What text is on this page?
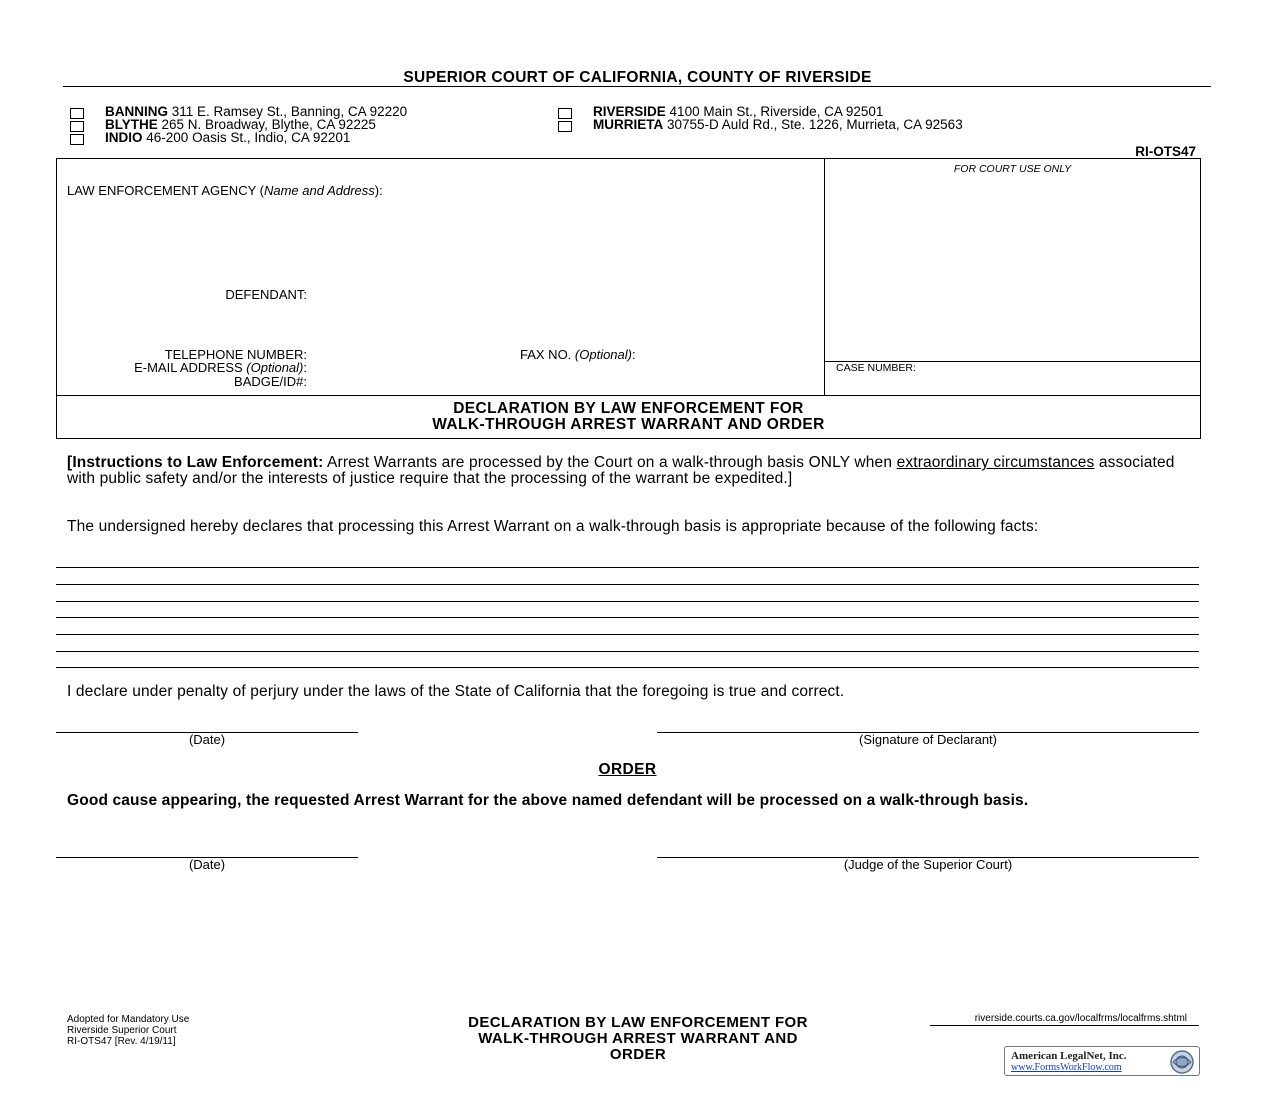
SUPERIOR COURT OF CALIFORNIA, COUNTY OF RIVERSIDE
BANNING 311 E. Ramsey St., Banning, CA 92220
BLYTHE 265 N. Broadway, Blythe, CA 92225
INDIO 46-200 Oasis St., Indio, CA 92201
RIVERSIDE 4100 Main St., Riverside, CA 92501
MURRIETA 30755-D Auld Rd., Ste. 1226, Murrieta, CA 92563
RI-OTS47
LAW ENFORCEMENT AGENCY (Name and Address):
DEFENDANT:
TELEPHONE NUMBER:	FAX NO. (Optional):
E-MAIL ADDRESS (Optional):
BADGE/ID#:
FOR COURT USE ONLY
CASE NUMBER:
DECLARATION BY LAW ENFORCEMENT FOR
WALK-THROUGH ARREST WARRANT AND ORDER
[Instructions to Law Enforcement: Arrest Warrants are processed by the Court on a walk-through basis ONLY when extraordinary circumstances associated with public safety and/or the interests of justice require that the processing of the warrant be expedited.]
The undersigned hereby declares that processing this Arrest Warrant on a walk-through basis is appropriate because of the following facts:
I declare under penalty of perjury under the laws of the State of California that the foregoing is true and correct.
(Date)	(Signature of Declarant)
ORDER
Good cause appearing, the requested Arrest Warrant for the above named defendant will be processed on a walk-through basis.
(Date)	(Judge of the Superior Court)
Adopted for Mandatory Use
Riverside Superior Court
RI-OTS47 [Rev. 4/19/11]
DECLARATION BY LAW ENFORCEMENT FOR
WALK-THROUGH ARREST WARRANT AND
ORDER
riverside.courts.ca.gov/localfrms/localfrms.shtml
American LegalNet, Inc.
www.FormsWorkFlow.com
